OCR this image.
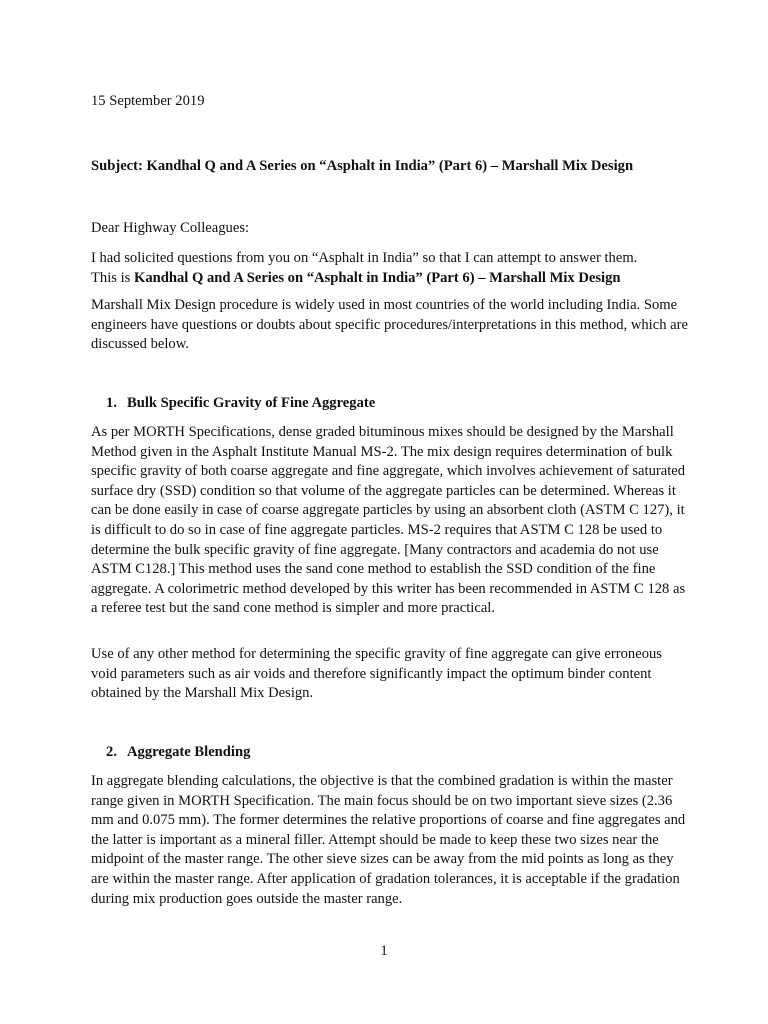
15 September 2019

Subject: Kandhal Q and A Series on “Asphalt in India” (Part 6) – Marshall Mix Design

Dear Highway Colleagues:

I had solicited questions from you on “Asphalt in India” so that I can attempt to answer them.
This is Kandhal Q and A Series on “Asphalt in India” (Part 6) – Marshall Mix Design

Marshall Mix Design procedure is widely used in most countries of the world including India. Some engineers have questions or doubts about specific procedures/interpretations in this method, which are discussed below.

1. Bulk Specific Gravity of Fine Aggregate

As per MORTH Specifications, dense graded bituminous mixes should be designed by the Marshall Method given in the Asphalt Institute Manual MS-2. The mix design requires determination of bulk specific gravity of both coarse aggregate and fine aggregate, which involves achievement of saturated surface dry (SSD) condition so that volume of the aggregate particles can be determined. Whereas it can be done easily in case of coarse aggregate particles by using an absorbent cloth (ASTM C 127), it is difficult to do so in case of fine aggregate particles. MS-2 requires that ASTM C 128 be used to determine the bulk specific gravity of fine aggregate. [Many contractors and academia do not use ASTM C128.] This method uses the sand cone method to establish the SSD condition of the fine aggregate. A colorimetric method developed by this writer has been recommended in ASTM C 128 as a referee test but the sand cone method is simpler and more practical.

Use of any other method for determining the specific gravity of fine aggregate can give erroneous void parameters such as air voids and therefore significantly impact the optimum binder content obtained by the Marshall Mix Design.

2. Aggregate Blending

In aggregate blending calculations, the objective is that the combined gradation is within the master range given in MORTH Specification. The main focus should be on two important sieve sizes (2.36 mm and 0.075 mm). The former determines the relative proportions of coarse and fine aggregates and the latter is important as a mineral filler. Attempt should be made to keep these two sizes near the midpoint of the master range. The other sieve sizes can be away from the mid points as long as they are within the master range. After application of gradation tolerances, it is acceptable if the gradation during mix production goes outside the master range.

1
